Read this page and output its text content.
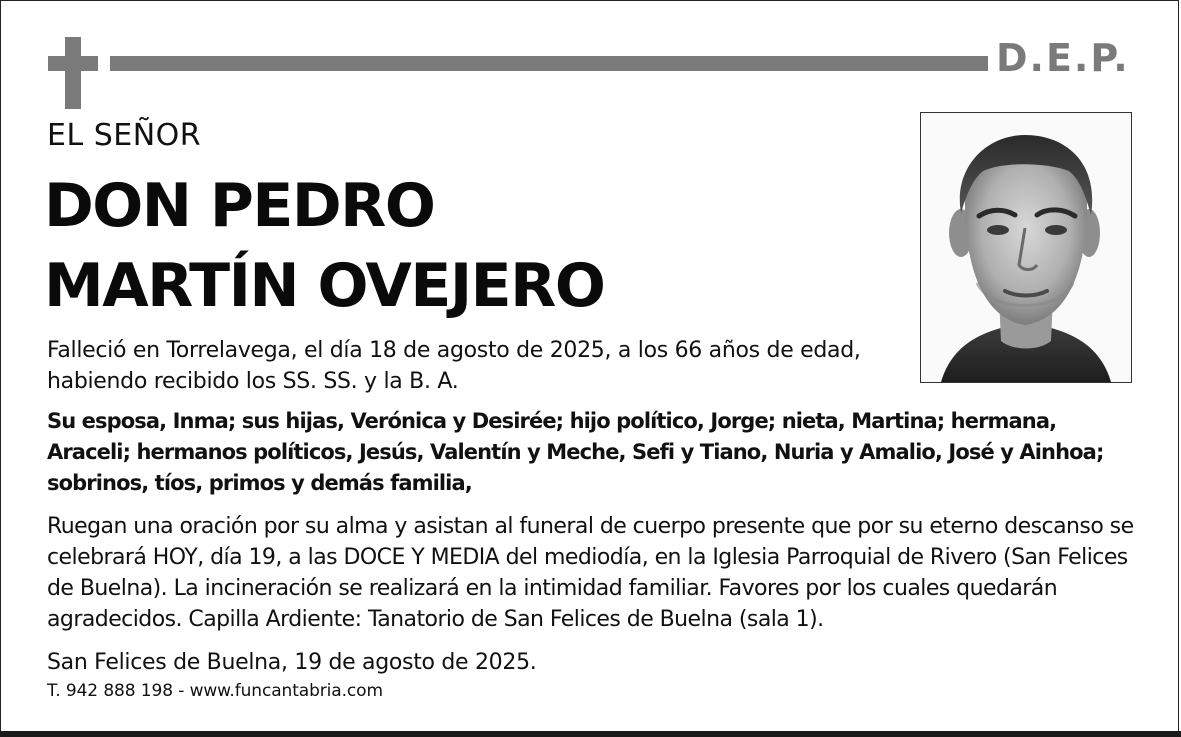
D.E.P.
EL SEÑOR
DON PEDRO
MARTÍN OVEJERO

Falleció en Torrelavega, el día 18 de agosto de 2025, a los 66 años de edad,
habiendo recibido los SS. SS. y la B. A.

Su esposa, Inma; sus hijas, Verónica y Desirée; hijo político, Jorge; nieta, Martina; hermana, Araceli; hermanos políticos, Jesús, Valentín y Meche, Sefi y Tiano, Nuria y Amalio, José y Ainhoa; sobrinos, tíos, primos y demás familia,

Ruegan una oración por su alma y asistan al funeral de cuerpo presente que por su eterno descanso se celebrará HOY, día 19, a las DOCE Y MEDIA del mediodía, en la Iglesia Parroquial de Rivero (San Felices de Buelna). La incineración se realizará en la intimidad familiar. Favores por los cuales quedarán agradecidos. Capilla Ardiente: Tanatorio de San Felices de Buelna (sala 1).

San Felices de Buelna, 19 de agosto de 2025.

T. 942 888 198 - www.funcantabria.com
